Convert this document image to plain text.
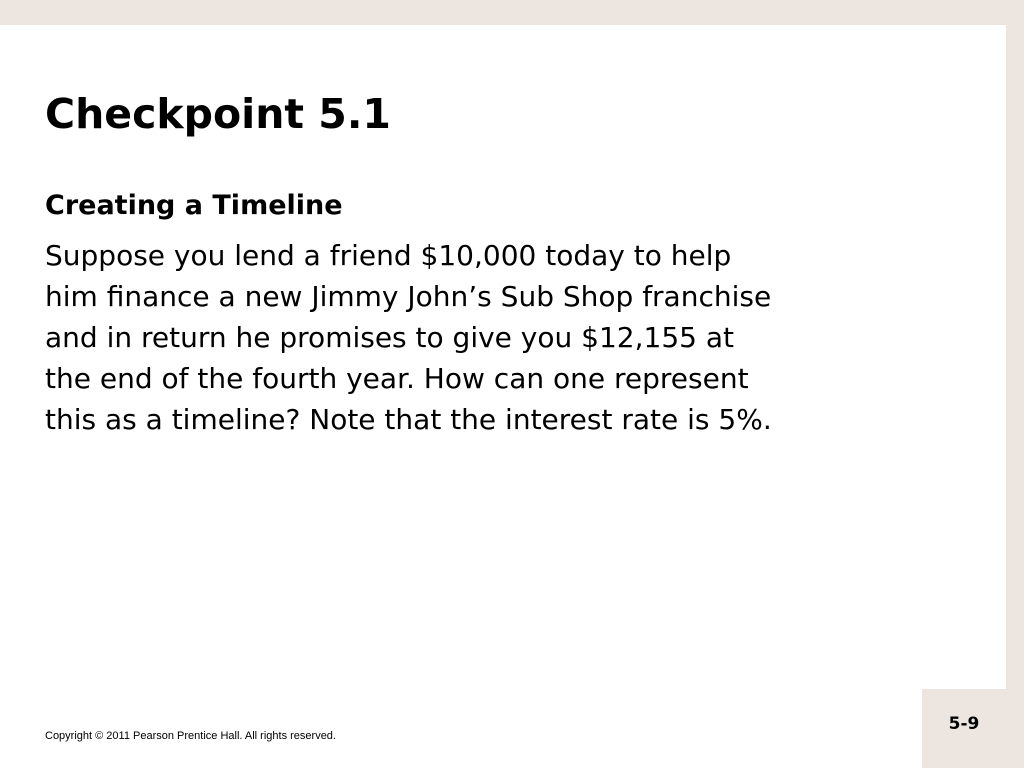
Checkpoint 5.1
Creating a Timeline

Suppose you lend a friend $10,000 today to help
him finance a new Jimmy John’s Sub Shop franchise
and in return he promises to give you $12,155 at
the end of the fourth year. How can one represent
this as a timeline? Note that the interest rate is 5%.

Copyright © 2011 Pearson Prentice Hall. All rights reserved.
5-9
